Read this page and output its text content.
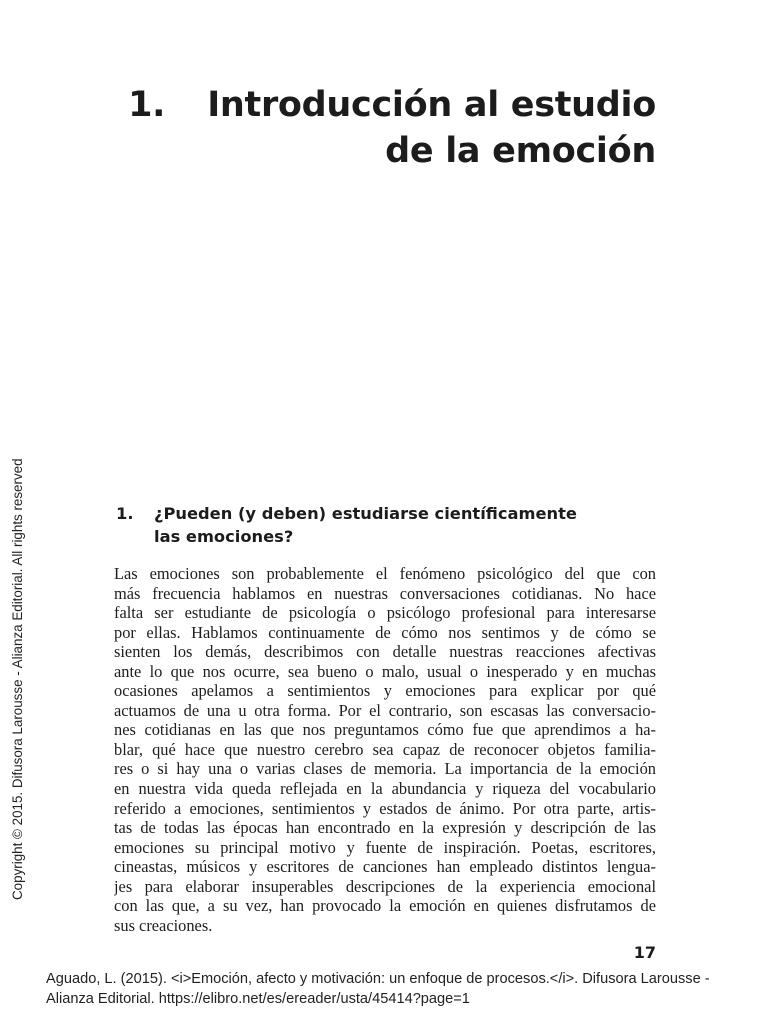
1. Introducción al estudio
de la emoción
Copyright © 2015. Difusora Larousse - Alianza Editorial. All rights reserved	1. ¿Pueden (y deben) estudiarse científicamente
las emociones?
Las emociones son probablemente el fenómeno psicológico del que con
más frecuencia hablamos en nuestras conversaciones cotidianas. No hace
falta ser estudiante de psicología o psicólogo profesional para interesarse
por ellas. Hablamos continuamente de cómo nos sentimos y de cómo se
sienten los demás, describimos con detalle nuestras reacciones afectivas
ante lo que nos ocurre, sea bueno o malo, usual o inesperado y en muchas
ocasiones apelamos a sentimientos y emociones para explicar por qué
actuamos de una u otra forma. Por el contrario, son escasas las conversacio-
nes cotidianas en las que nos preguntamos cómo fue que aprendimos a ha-
blar, qué hace que nuestro cerebro sea capaz de reconocer objetos familia-
res o si hay una o varias clases de memoria. La importancia de la emoción
en nuestra vida queda reflejada en la abundancia y riqueza del vocabulario
referido a emociones, sentimientos y estados de ánimo. Por otra parte, artis-
tas de todas las épocas han encontrado en la expresión y descripción de las
emociones su principal motivo y fuente de inspiración. Poetas, escritores,
cineastas, músicos y escritores de canciones han empleado distintos lengua-
jes para elaborar insuperables descripciones de la experiencia emocional
con las que, a su vez, han provocado la emoción en quienes disfrutamos de
sus creaciones.
17
Aguado, L. (2015). <i>Emoción, afecto y motivación: un enfoque de procesos.</i>. Difusora Larousse -
Alianza Editorial. https://elibro.net/es/ereader/usta/45414?page=1
